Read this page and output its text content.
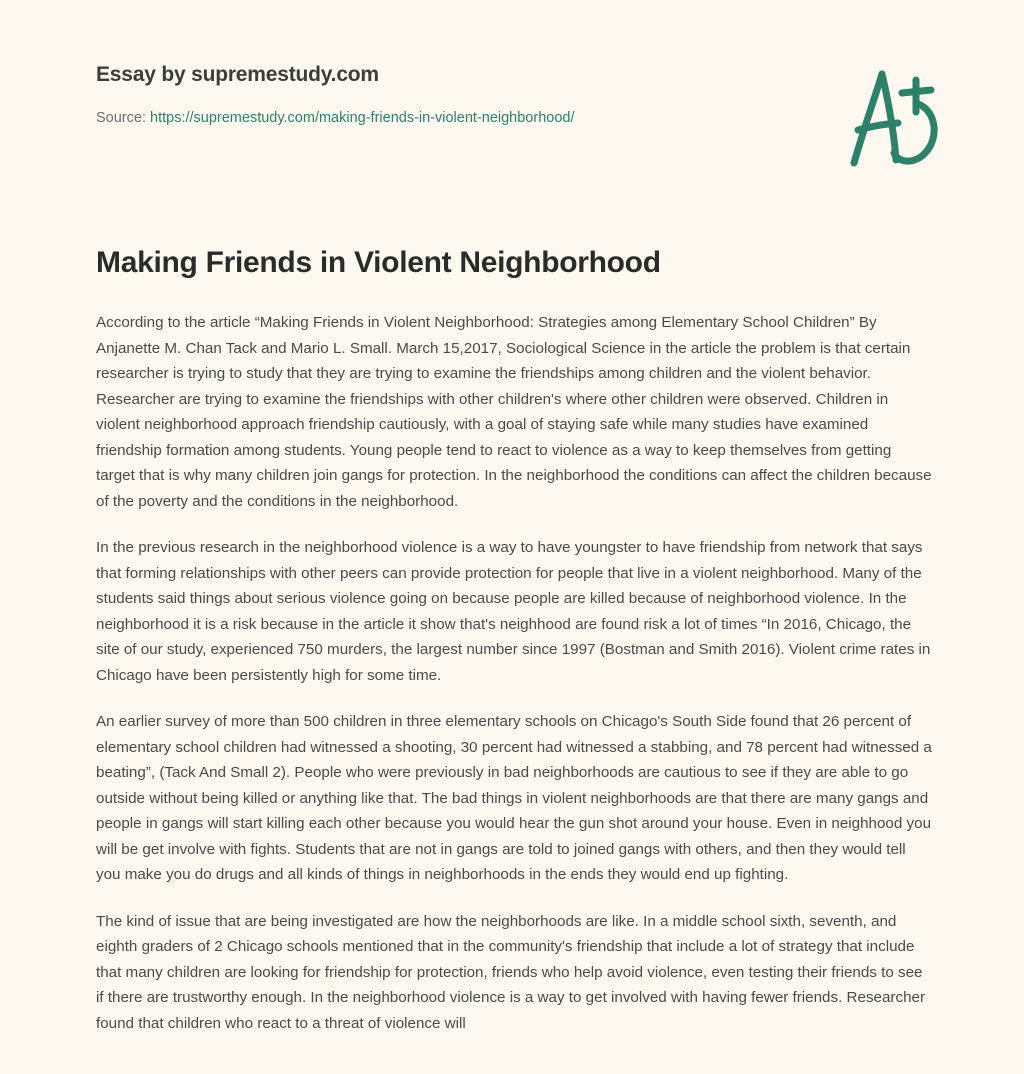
Essay by supremestudy.com

Source: https://supremestudy.com/making-friends-in-violent-neighborhood/
Making Friends in Violent Neighborhood

According to the article “Making Friends in Violent Neighborhood: Strategies among Elementary School Children” By Anjanette M. Chan Tack and Mario L. Small. March 15,2017, Sociological Science in the article the problem is that certain researcher is trying to study that they are trying to examine the friendships among children and the violent behavior. Researcher are trying to examine the friendships with other children's where other children were observed. Children in violent neighborhood approach friendship cautiously, with a goal of staying safe while many studies have examined friendship formation among students. Young people tend to react to violence as a way to keep themselves from getting target that is why many children join gangs for protection. In the neighborhood the conditions can affect the children because of the poverty and the conditions in the neighborhood.

In the previous research in the neighborhood violence is a way to have youngster to have friendship from network that says that forming relationships with other peers can provide protection for people that live in a violent neighborhood. Many of the students said things about serious violence going on because people are killed because of neighborhood violence. In the neighborhood it is a risk because in the article it show that's neighhood are found risk a lot of times “In 2016, Chicago, the site of our study, experienced 750 murders, the largest number since 1997 (Bostman and Smith 2016). Violent crime rates in Chicago have been persistently high for some time.

An earlier survey of more than 500 children in three elementary schools on Chicago's South Side found that 26 percent of elementary school children had witnessed a shooting, 30 percent had witnessed a stabbing, and 78 percent had witnessed a beating”, (Tack And Small 2). People who were previously in bad neighborhoods are cautious to see if they are able to go outside without being killed or anything like that. The bad things in violent neighborhoods are that there are many gangs and people in gangs will start killing each other because you would hear the gun shot around your house. Even in neighhood you will be get involve with fights. Students that are not in gangs are told to joined gangs with others, and then they would tell you make you do drugs and all kinds of things in neighborhoods in the ends they would end up fighting.

The kind of issue that are being investigated are how the neighborhoods are like. In a middle school sixth, seventh, and eighth graders of 2 Chicago schools mentioned that in the community's friendship that include a lot of strategy that include that many children are looking for friendship for protection, friends who help avoid violence, even testing their friends to see if there are trustworthy enough. In the neighborhood violence is a way to get involved with having fewer friends. Researcher found that children who react to a threat of violence will
